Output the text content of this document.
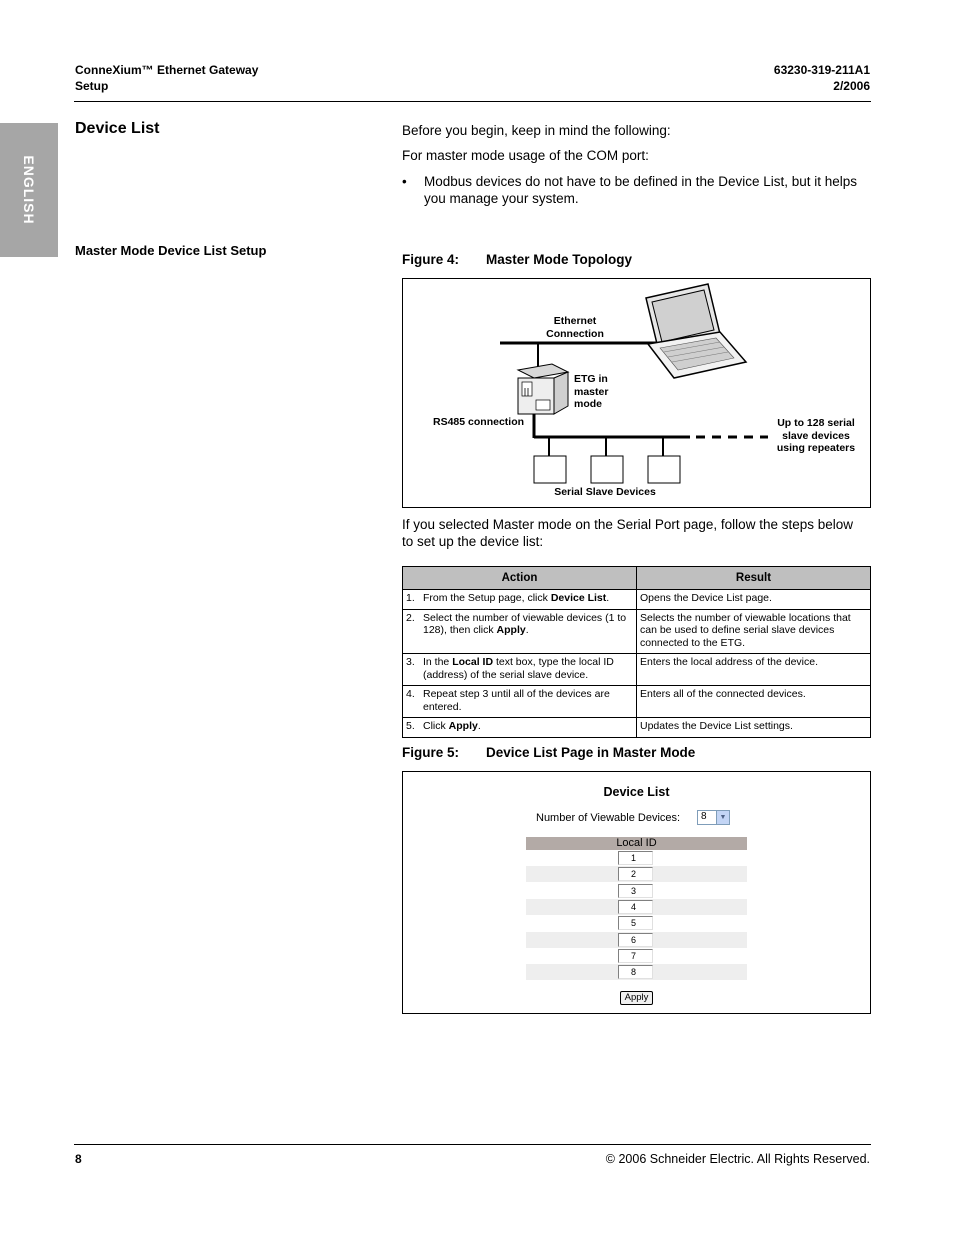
ConneXium™ Ethernet Gateway
Setup
63230-319-211A1
2/2006
ENGLISH
Device List
Master Mode Device List Setup
Before you begin, keep in mind the following:
For master mode usage of the COM port:
• Modbus devices do not have to be defined in the Device List, but it helps
you manage your system.
Figure 4: Master Mode Topology
Ethernet
Connection
ETG in
master
mode
RS485 connection	Up to 128 serial
slave devices
using repeaters
Serial Slave Devices
If you selected Master mode on the Serial Port page, follow the steps below
to set up the device list:
Action	Result
1. From the Setup page, click Device List.	Opens the Device List page.
2. Select the number of viewable devices (1 to 128), then click Apply.	Selects the number of viewable locations that can be used to define serial slave devices connected to the ETG.
3. In the Local ID text box, type the local ID (address) of the serial slave device.	Enters the local address of the device.
4. Repeat step 3 until all of the devices are entered.	Enters all of the connected devices.
5. Click Apply.	Updates the Device List settings.
Figure 5: Device List Page in Master Mode
Device List
Number of Viewable Devices: 8	▼
Local ID
1
2
3
4
5
6
7
8
Apply
8	© 2006 Schneider Electric. All Rights Reserved.
